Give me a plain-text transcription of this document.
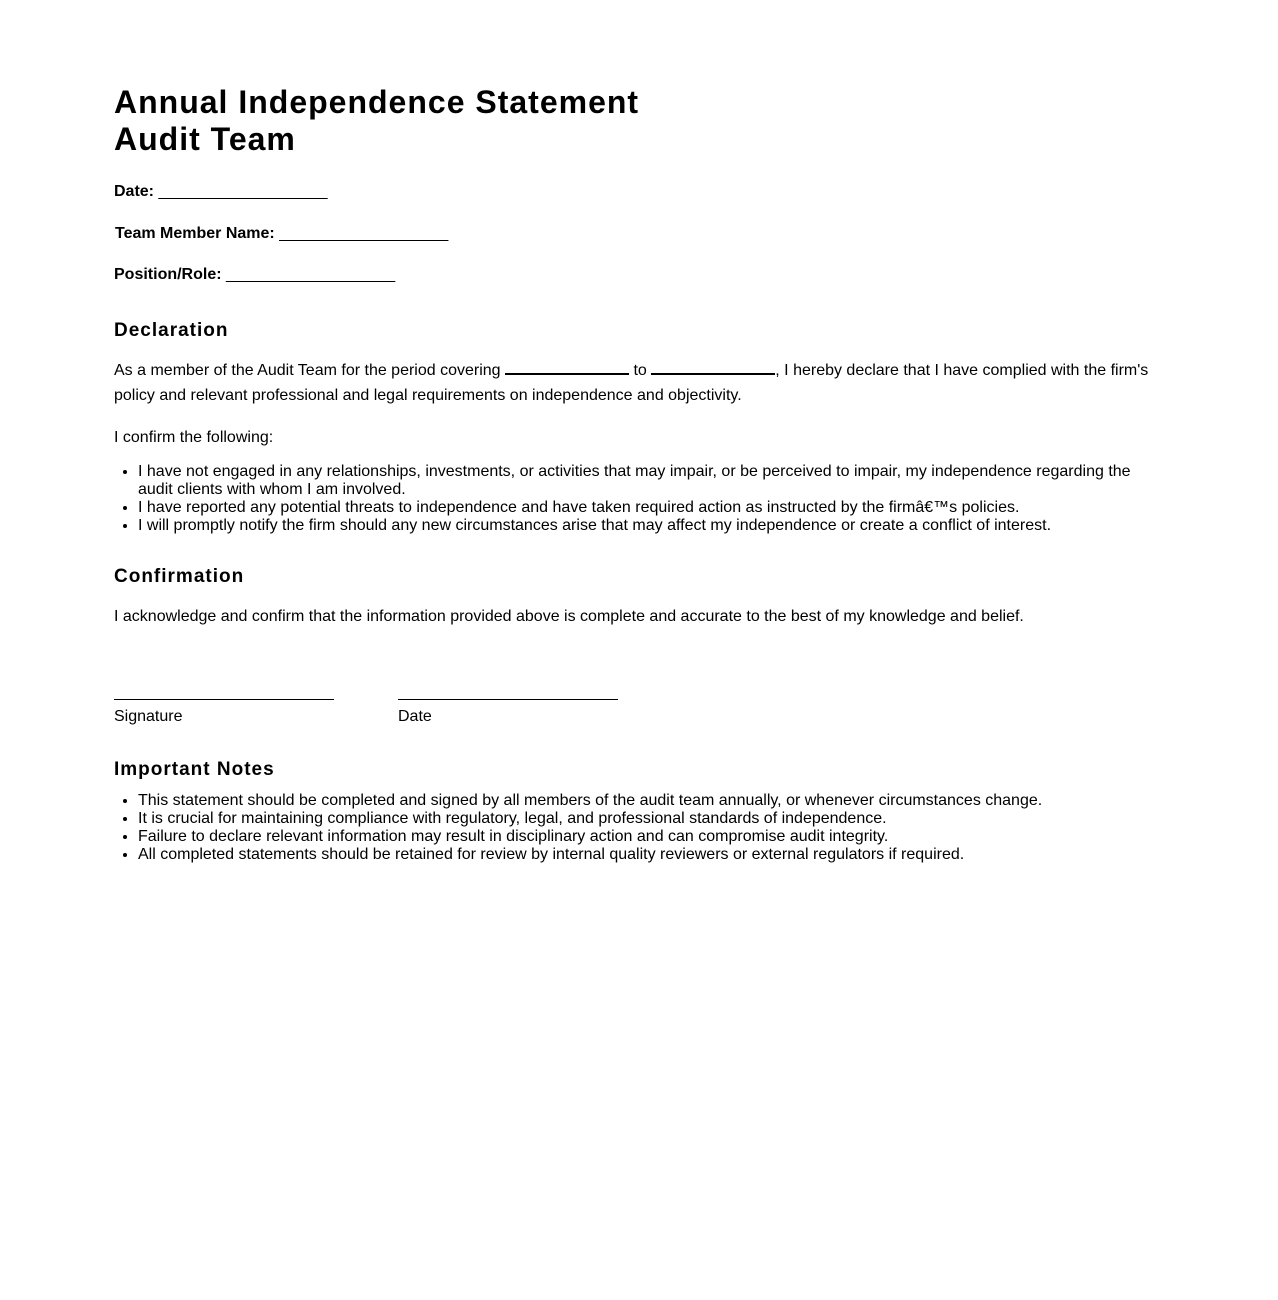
Annual Independence Statement
Audit Team
Date: ___________________
Team Member Name: ___________________
Position/Role: ___________________
Declaration

As a member of the Audit Team for the period covering	to	, I hereby declare that I have complied with the firm's policy and relevant professional and legal requirements on independence and objectivity.

I confirm the following:

• I have not engaged in any relationships, investments, or activities that may impair, or be perceived to impair, my independence regarding the audit clients with whom I am involved.
• I have reported any potential threats to independence and have taken required action as instructed by the firmâ€™s policies.
• I will promptly notify the firm should any new circumstances arise that may affect my independence or create a conflict of interest.
Confirmation

I acknowledge and confirm that the information provided above is complete and accurate to the best of my knowledge and belief.

Signature	Date
Important Notes
• This statement should be completed and signed by all members of the audit team annually, or whenever circumstances change.
• It is crucial for maintaining compliance with regulatory, legal, and professional standards of independence.
• Failure to declare relevant information may result in disciplinary action and can compromise audit integrity.
• All completed statements should be retained for review by internal quality reviewers or external regulators if required.
